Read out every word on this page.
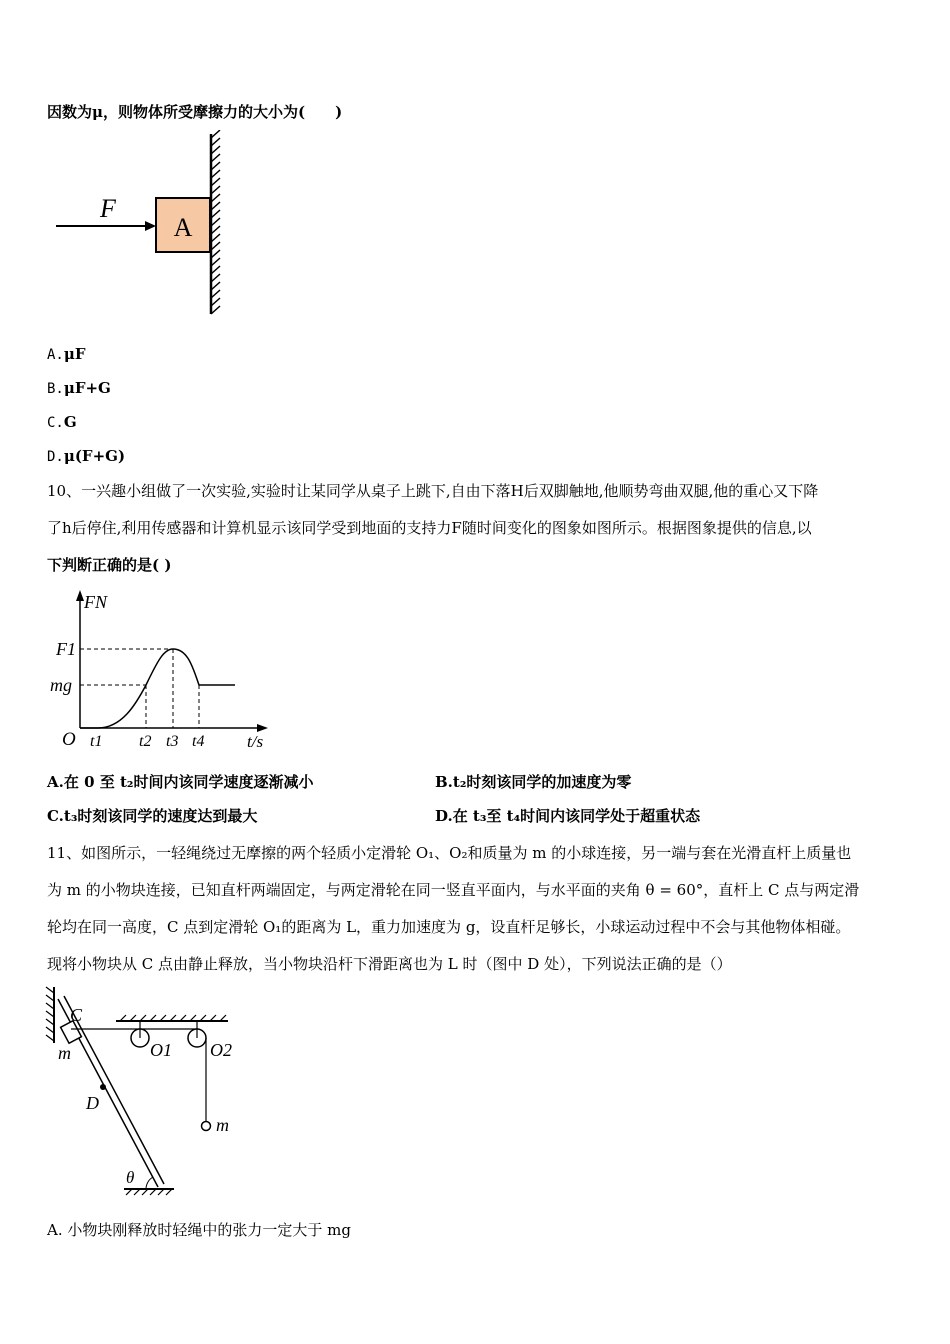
因数为μ，则物体所受摩擦力的大小为(　　)
F
A
A.μF
B.μF+G
C.G
D.μ(F+G)
10、一兴趣小组做了一次实验,实验时让某同学从桌子上跳下,自由下落H后双脚触地,他顺势弯曲双腿,他的重心又下降
了h后停住,利用传感器和计算机显示该同学受到地面的支持力F随时间变化的图象如图所示。根据图象提供的信息,以
下判断正确的是( )
FN
F1
mg
O t1 t2 t3 t4	t/s
A.在 0 至 t₂时间内该同学速度逐渐减小	B.t₂时刻该同学的加速度为零
C.t₃时刻该同学的速度达到最大	D.在 t₃至 t₄时间内该同学处于超重状态
11、如图所示，一轻绳绕过无摩擦的两个轻质小定滑轮 O₁、O₂和质量为 m 的小球连接，另一端与套在光滑直杆上质量也
为 m 的小物块连接，已知直杆两端固定，与两定滑轮在同一竖直平面内，与水平面的夹角 θ = 60°，直杆上 C 点与两定滑
轮均在同一高度，C 点到定滑轮 O₁的距离为 L，重力加速度为 g，设直杆足够长，小球运动过程中不会与其他物体相碰。
现将小物块从 C 点由静止释放，当小物块沿杆下滑距离也为 L 时（图中 D 处），下列说法正确的是（）
C
m
D
O1 O2
m
θ
A. 小物块刚释放时轻绳中的张力一定大于 mg
